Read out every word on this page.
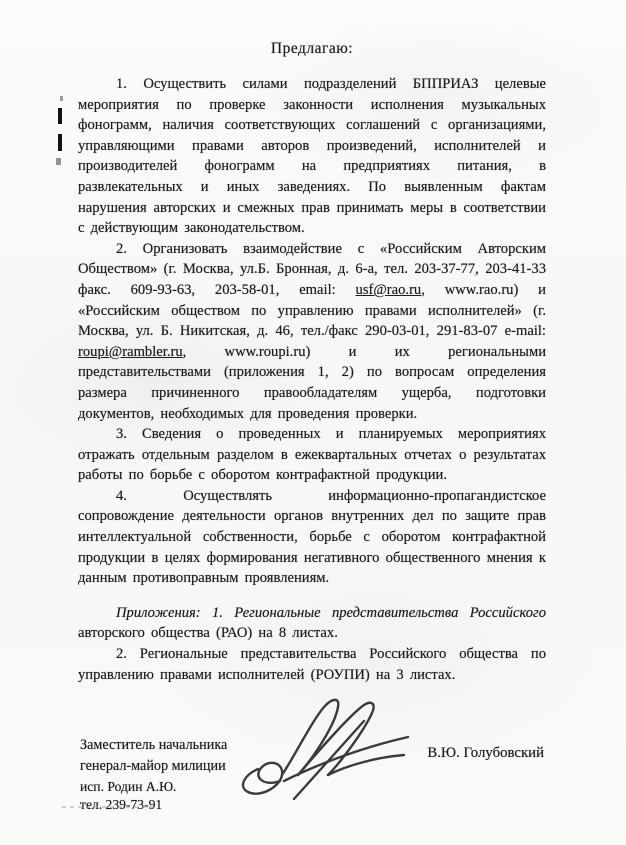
Предлагаю:

1. Осуществить силами подразделений БППРИАЗ целевые мероприятия по проверке законности исполнения музыкальных фонограмм, наличия соответствующих соглашений с организациями, управляющими правами авторов произведений, исполнителей и производителей фонограмм на предприятиях питания, в развлекательных и иных заведениях. По выявленным фактам нарушения авторских и смежных прав принимать меры в соответствии с действующим законодательством.

2. Организовать взаимодействие с «Российским Авторским Обществом» (г. Москва, ул.Б. Бронная, д. 6-а, тел. 203-37-77, 203-41-33 факс. 609-93-63, 203-58-01, email: usf@rao.ru, www.rao.ru) и «Российским обществом по управлению правами исполнителей» (г. Москва, ул. Б. Никитская, д. 46, тел./факс 290-03-01, 291-83-07 e-mail: roupi@rambler.ru, www.roupi.ru) и их региональными представительствами (приложения 1, 2) по вопросам определения размера причиненного правообладателям ущерба, подготовки документов, необходимых для проведения проверки.

3. Сведения о проведенных и планируемых мероприятиях отражать отдельным разделом в ежеквартальных отчетах о результатах работы по борьбе с оборотом контрафактной продукции.

4. Осуществлять информационно-пропагандистское сопровождение деятельности органов внутренних дел по защите прав интеллектуальной собственности, борьбе с оборотом контрафактной продукции в целях формирования негативного общественного мнения к данным противоправным проявлениям.

Приложения: 1. Региональные представительства Российского авторского общества (РАО) на 8 листах.

2. Региональные представительства Российского общества по управлению правами исполнителей (РОУПИ) на 3 листах.

Заместитель начальника
генерал-майор милиции
В.Ю. Голубовский
исп. Родин А.Ю.
тел. 239-73-91
